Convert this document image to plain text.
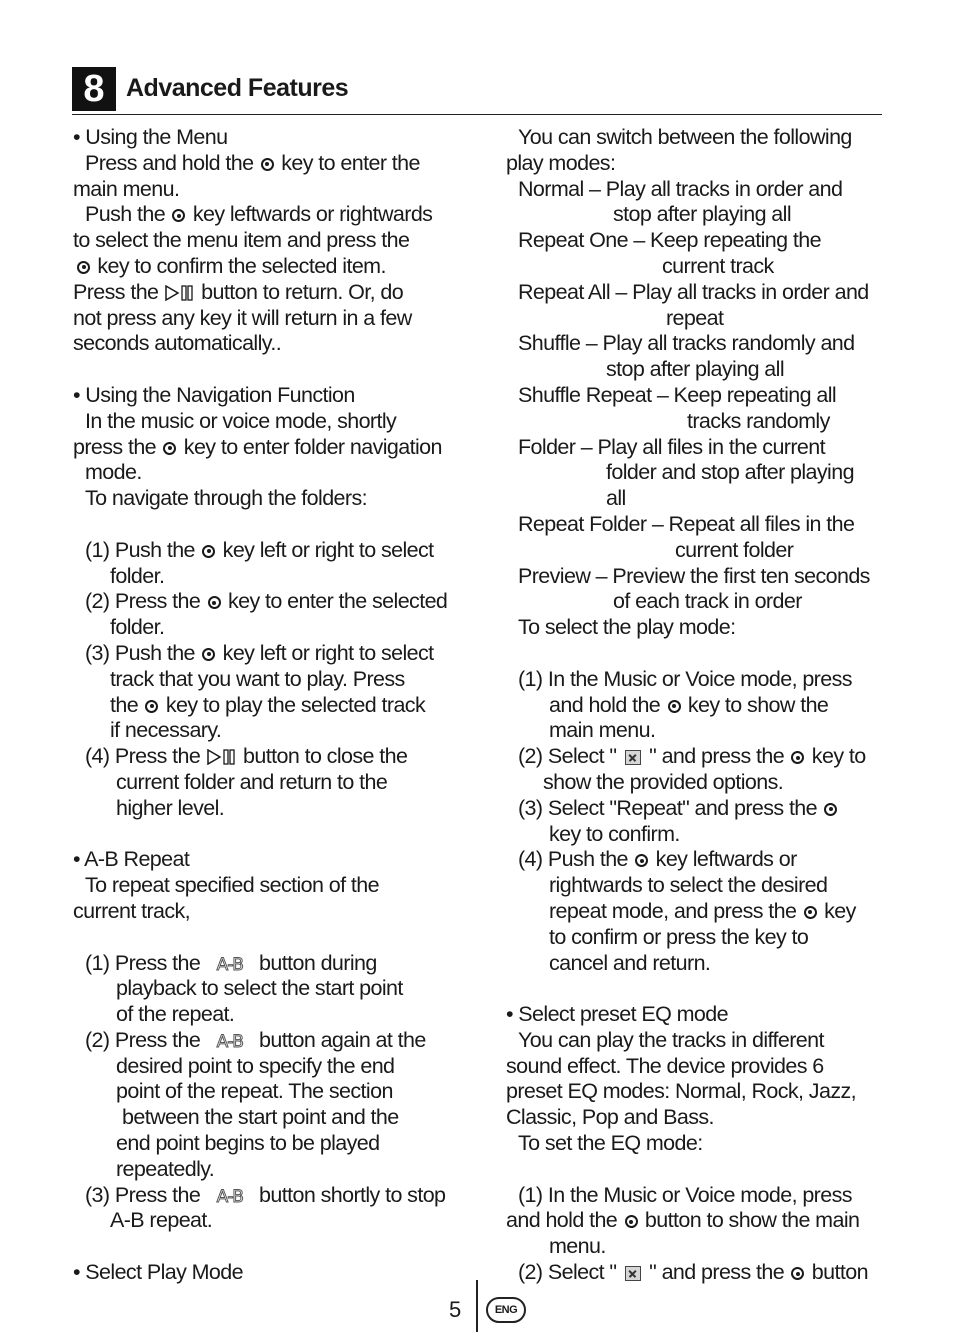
8 Advanced Features
• Using the Menu
Press and hold the  key to enter the
main menu.
Push the  key leftwards or rightwards
to select the menu item and press the
key to confirm the selected item.
Press the  button to return. Or, do
not press any key it will return in a few
seconds automatically..
• Using the Navigation Function
In the music or voice mode, shortly
press the  key to enter folder navigation
mode.
To navigate through the folders:
(1) Push the  key left or right to select
folder.
(2) Press the  key to enter the selected
folder.
(3) Push the  key left or right to select
track that you want to play. Press
the  key to play the selected track
if necessary.
(4) Press the  button to close the
current folder and return to the
higher level.
• A-B Repeat
To repeat specified section of the
current track,
(1) Press the A-B button during
playback to select the start point
of the repeat.
(2) Press the A-B button again at the
desired point to specify the end
point of the repeat. The section
between the start point and the
end point begins to be played
repeatedly.
(3) Press the A-B button shortly to stop
A-B repeat.
• Select Play Mode
You can switch between the following
play modes:
Normal – Play all tracks in order and
stop after playing all
Repeat One – Keep repeating the
current track
Repeat All – Play all tracks in order and
repeat
Shuffle – Play all tracks randomly and
stop after playing all
Shuffle Repeat – Keep repeating all
tracks randomly
Folder – Play all files in the current
folder and stop after playing
all
Repeat Folder – Repeat all files in the
current folder
Preview – Preview the first ten seconds
of each track in order
To select the play mode:
(1) In the Music or Voice mode, press
and hold the  key to show the
main menu.
(2) Select "  " and press the  key to
show the provided options.
(3) Select "Repeat" and press the
key to confirm.
(4) Push the  key leftwards or
rightwards to select the desired
repeat mode, and press the  key
to confirm or press the key to
cancel and return.
• Select preset EQ mode
You can play the tracks in different
sound effect. The device provides 6
preset EQ modes: Normal, Rock, Jazz,
Classic, Pop and Bass.
To set the EQ mode:
(1) In the Music or Voice mode, press
and hold the  button to show the main
menu.
(2) Select "  " and press the  button
5	ENG
